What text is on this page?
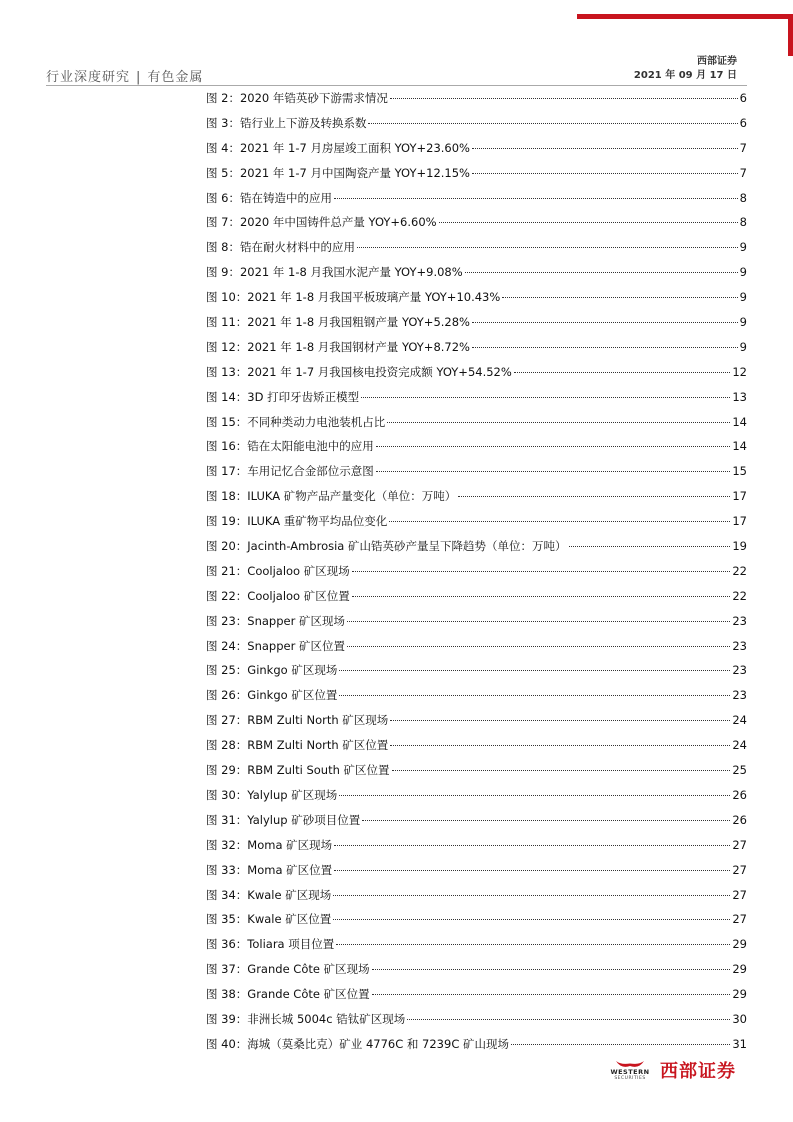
西部证券
2021 年 09 月 17 日
行业深度研究 | 有色金属
图 2：2020 年锆英砂下游需求情况	6
图 3：锆行业上下游及转换系数	6
图 4：2021 年 1-7 月房屋竣工面积 YOY+23.60%	7
图 5：2021 年 1-7 月中国陶瓷产量 YOY+12.15%	7
图 6：锆在铸造中的应用	8
图 7：2020 年中国铸件总产量 YOY+6.60%	8
图 8：锆在耐火材料中的应用	9
图 9：2021 年 1-8 月我国水泥产量 YOY+9.08%	9
图 10：2021 年 1-8 月我国平板玻璃产量 YOY+10.43%	9
图 11：2021 年 1-8 月我国粗钢产量 YOY+5.28%	9
图 12：2021 年 1-8 月我国钢材产量 YOY+8.72%	9
图 13：2021 年 1-7 月我国核电投资完成额 YOY+54.52%	12
图 14：3D 打印牙齿矫正模型	13
图 15：不同种类动力电池装机占比	14
图 16：锆在太阳能电池中的应用	14
图 17：车用记忆合金部位示意图	15
图 18：ILUKA 矿物产品产量变化（单位：万吨）	17
图 19：ILUKA 重矿物平均品位变化	17
图 20：Jacinth-Ambrosia 矿山锆英砂产量呈下降趋势（单位：万吨）	19
图 21：Cooljaloo 矿区现场	22
图 22：Cooljaloo 矿区位置	22
图 23：Snapper 矿区现场	23
图 24：Snapper 矿区位置	23
图 25：Ginkgo 矿区现场	23
图 26：Ginkgo 矿区位置	23
图 27：RBM Zulti North 矿区现场	24
图 28：RBM Zulti North 矿区位置	24
图 29：RBM Zulti South 矿区位置	25
图 30：Yalylup 矿区现场	26
图 31：Yalylup 矿砂项目位置	26
图 32：Moma 矿区现场	27
图 33：Moma 矿区位置	27
图 34：Kwale 矿区现场	27
图 35：Kwale 矿区位置	27
图 36：Toliara 项目位置	29
图 37：Grande Côte 矿区现场	29
图 38：Grande Côte 矿区位置	29
图 39：非洲长城 5004c 锆钛矿区现场	30
图 40：海城（莫桑比克）矿业 4776C 和 7239C 矿山现场	31
WESTERN
SECURITIES 西部证券
